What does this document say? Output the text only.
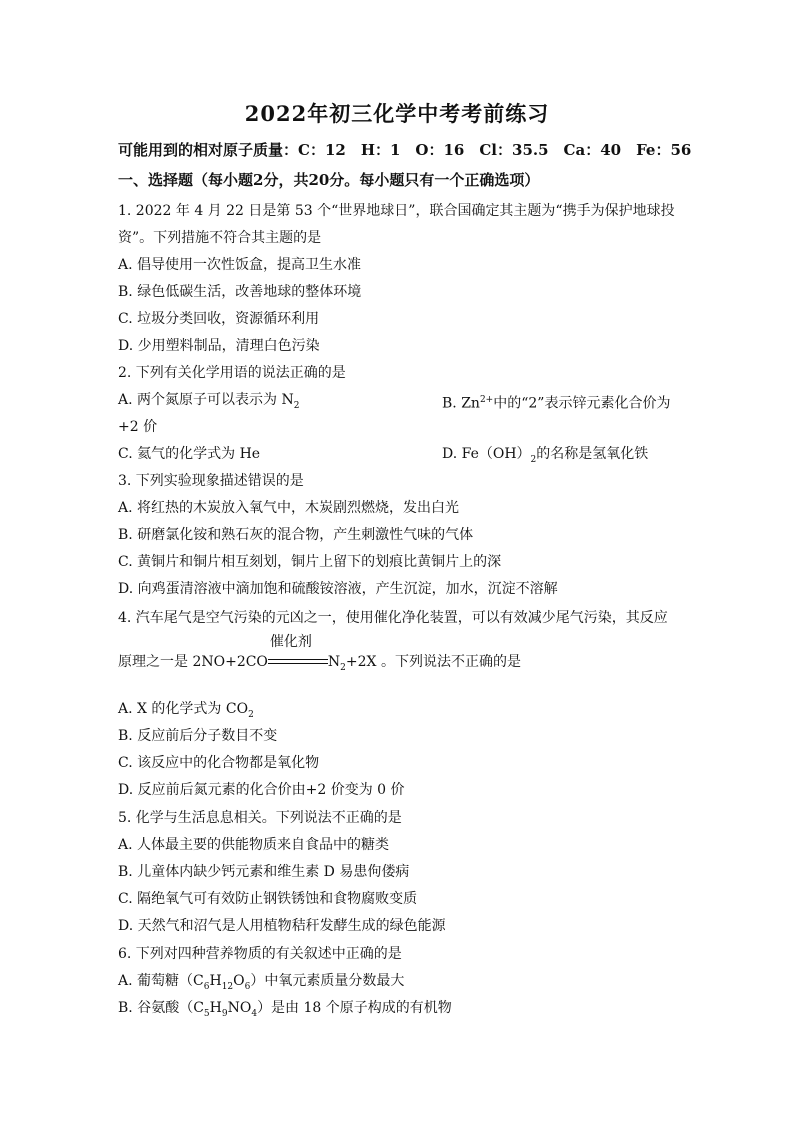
2022年初三化学中考考前练习
可能用到的相对原子质量：C：12　H：1　O：16　Cl：35.5　Ca：40　Fe：56
一、选择题（每小题2分，共20分。每小题只有一个正确选项）
1. 2022 年 4 月 22 日是第 53 个“世界地球日”，联合国确定其主题为“携手为保护地球投
资”。下列措施不符合其主题的是
A. 倡导使用一次性饭盒，提高卫生水准
B. 绿色低碳生活，改善地球的整体环境
C. 垃圾分类回收，资源循环利用
D. 少用塑料制品，清理白色污染
2. 下列有关化学用语的说法正确的是
A. 两个氮原子可以表示为 $N_2$	B. $Zn^{2+}$中的“2”表示锌元素化合价为
+2 价
C. 氦气的化学式为 He	D. $Fe(OH)_2$的名称是氢氧化铁
3. 下列实验现象描述错误的是
A. 将红热的木炭放入氧气中，木炭剧烈燃烧，发出白光
B. 研磨氯化铵和熟石灰的混合物，产生刺激性气味的气体
C. 黄铜片和铜片相互刻划，铜片上留下的划痕比黄铜片上的深
D. 向鸡蛋清溶液中滴加饱和硫酸铵溶液，产生沉淀，加水，沉淀不溶解
4. 汽车尾气是空气污染的元凶之一，使用催化净化装置，可以有效减少尾气污染，其反应
原理之一是 2NO+2CO
催化剂
$N_2+2X$ 。下列说法不正确的是
A. X 的化学式为 $CO_2$
B. 反应前后分子数目不变
C. 该反应中的化合物都是氧化物
D. 反应前后氮元素的化合价由+2 价变为 0 价
5. 化学与生活息息相关。下列说法不正确的是
A. 人体最主要的供能物质来自食品中的糖类
B. 儿童体内缺少钙元素和维生素 D 易患佝偻病
C. 隔绝氧气可有效防止钢铁锈蚀和食物腐败变质
D. 天然气和沼气是人用植物秸秆发酵生成的绿色能源
6. 下列对四种营养物质的有关叙述中正确的是
A. 葡萄糖$(C_6H_{12}O_6)$中氧元素质量分数最大
B. 谷氨酸$(C_5H_9NO_4)$是由 18 个原子构成的有机物
